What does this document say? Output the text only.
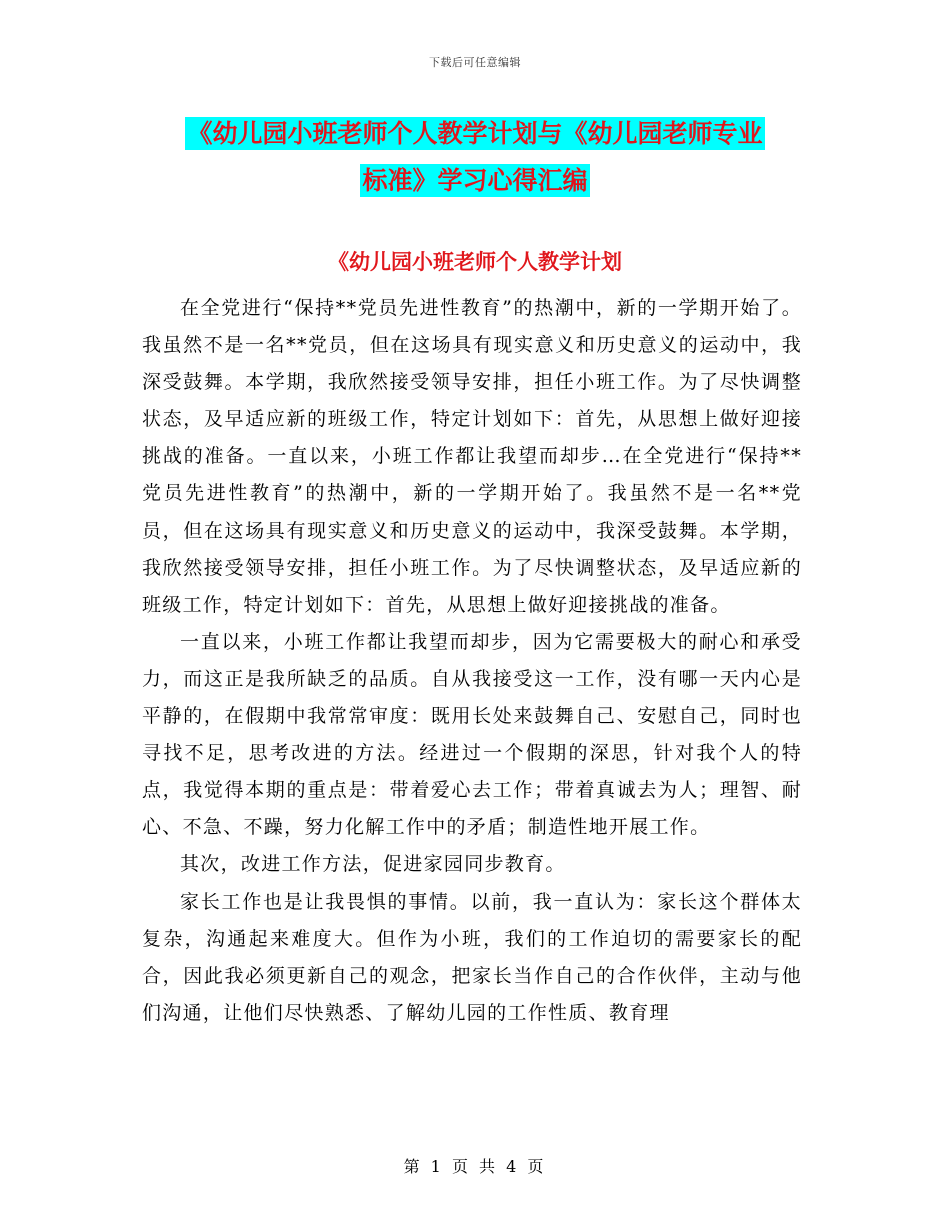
下载后可任意编辑
《幼儿园小班老师个人教学计划与《幼儿园老师专业
标准》学习心得汇编
《幼儿园小班老师个人教学计划

在全党进行“保持**党员先进性教育”的热潮中，新的一学期开始了。我虽然不是一名**党员，但在这场具有现实意义和历史意义的运动中，我深受鼓舞。本学期，我欣然接受领导安排，担任小班工作。为了尽快调整状态，及早适应新的班级工作，特定计划如下：首先，从思想上做好迎接挑战的准备。一直以来，小班工作都让我望而却步…在全党进行“保持**党员先进性教育”的热潮中，新的一学期开始了。我虽然不是一名**党员，但在这场具有现实意义和历史意义的运动中，我深受鼓舞。本学期，我欣然接受领导安排，担任小班工作。为了尽快调整状态，及早适应新的班级工作，特定计划如下：首先，从思想上做好迎接挑战的准备。

一直以来，小班工作都让我望而却步，因为它需要极大的耐心和承受力，而这正是我所缺乏的品质。自从我接受这一工作，没有哪一天内心是平静的，在假期中我常常审度：既用长处来鼓舞自己、安慰自己，同时也寻找不足，思考改进的方法。经进过一个假期的深思，针对我个人的特点，我觉得本期的重点是：带着爱心去工作；带着真诚去为人；理智、耐心、不急、不躁，努力化解工作中的矛盾；制造性地开展工作。

其次，改进工作方法，促进家园同步教育。

家长工作也是让我畏惧的事情。以前，我一直认为：家长这个群体太复杂，沟通起来难度大。但作为小班，我们的工作迫切的需要家长的配合，因此我必须更新自己的观念，把家长当作自己的合作伙伴，主动与他们沟通，让他们尽快熟悉、了解幼儿园的工作性质、教育理

第 1 页 共 4 页
